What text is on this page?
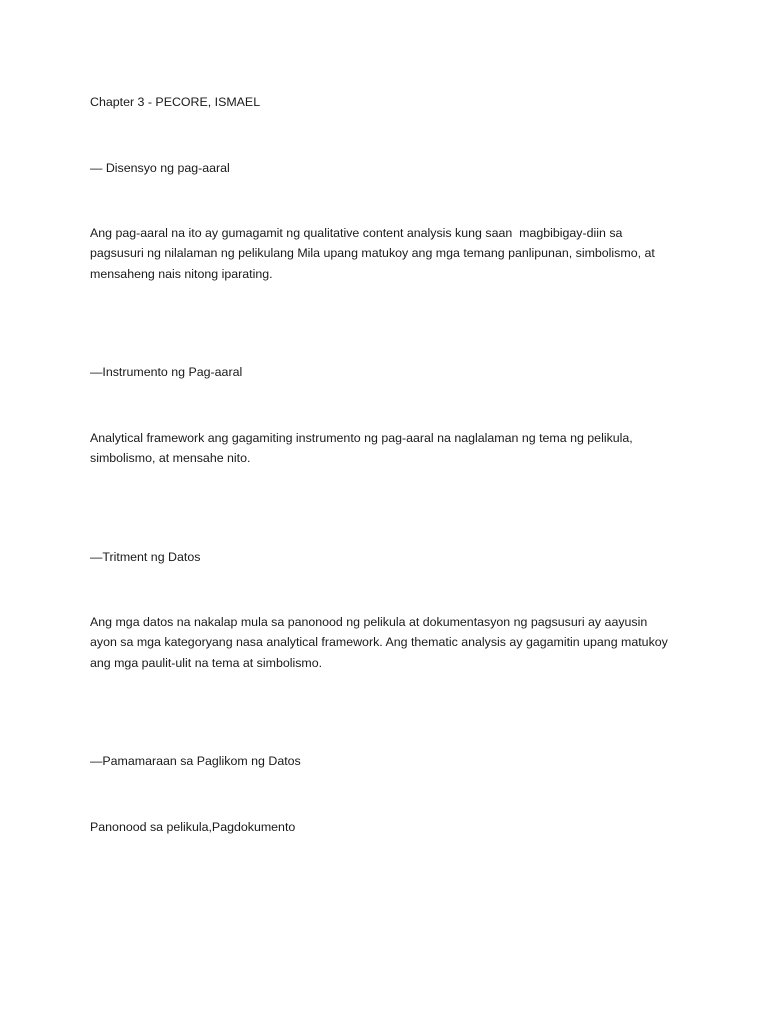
Chapter 3 - PECORE, ISMAEL

— Disensyo ng pag-aaral

Ang pag-aaral na ito ay gumagamit ng qualitative content analysis kung saan  magbibigay-diin sa
pagsusuri ng nilalaman ng pelikulang Mila upang matukoy ang mga temang panlipunan, simbolismo, at
mensaheng nais nitong iparating.

—Instrumento ng Pag-aaral

Analytical framework ang gagamiting instrumento ng pag-aaral na naglalaman ng tema ng pelikula,
simbolismo, at mensahe nito.

—Tritment ng Datos

Ang mga datos na nakalap mula sa panonood ng pelikula at dokumentasyon ng pagsusuri ay aayusin
ayon sa mga kategoryang nasa analytical framework. Ang thematic analysis ay gagamitin upang matukoy
ang mga paulit-ulit na tema at simbolismo.

—Pamamaraan sa Paglikom ng Datos

Panonood sa pelikula,Pagdokumento
